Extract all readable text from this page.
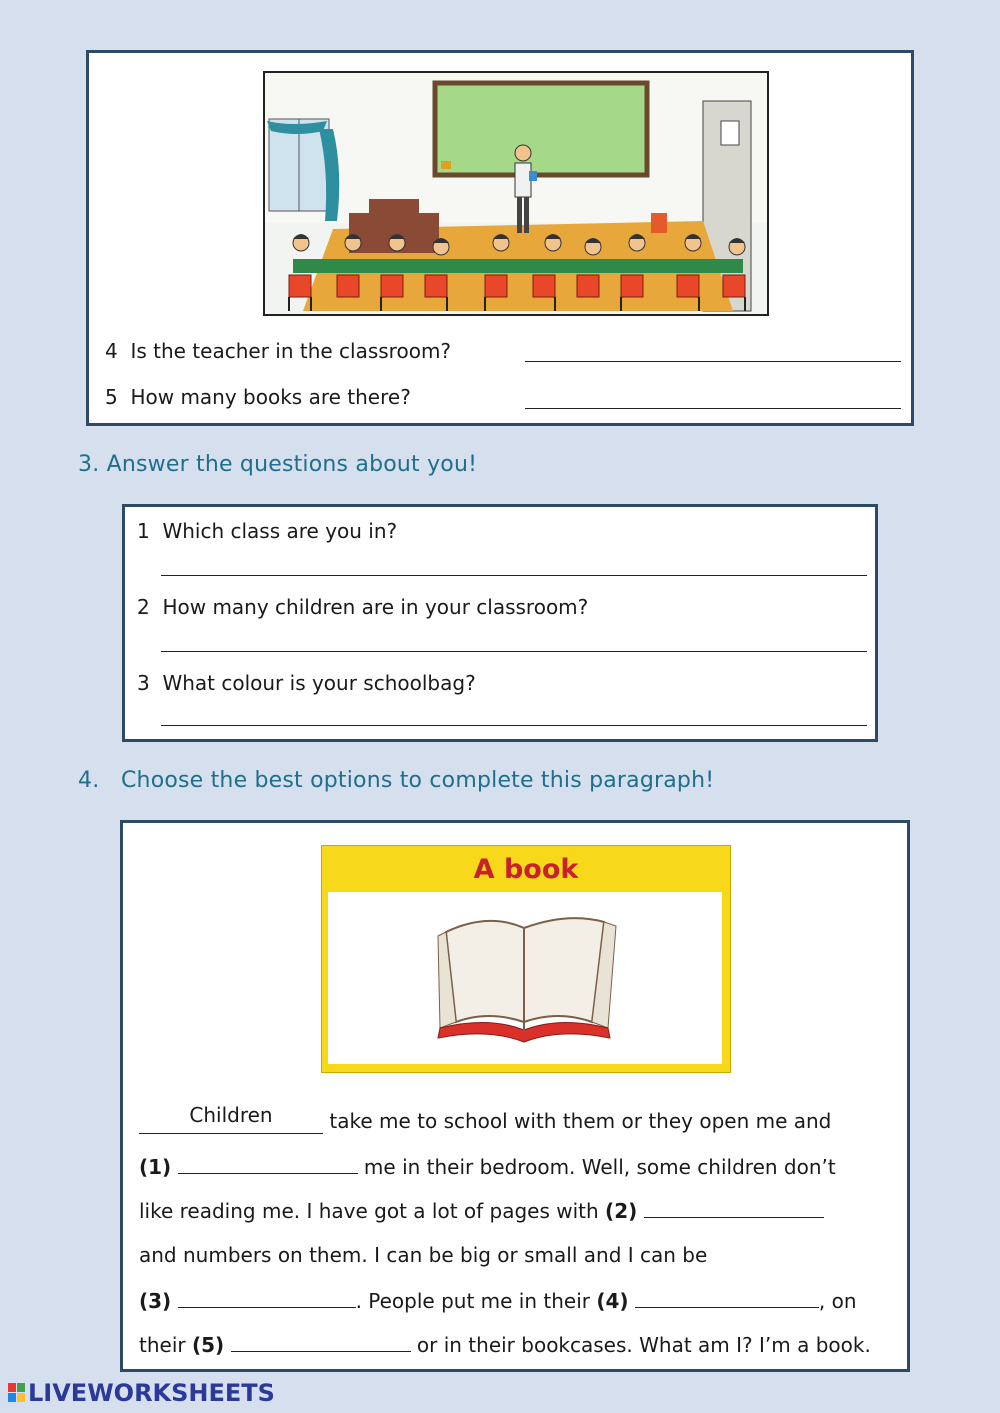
4 Is the teacher in the classroom?
5 How many books are there?
3. Answer the questions about you!
1 Which class are you in?
2 How many children are in your classroom?
3 What colour is your schoolbag?
4. Choose the best options to complete this paragraph!
A book
Children	take me to school with them or they open me and
(1)	me in their bedroom. Well, some children don’t
like reading me. I have got a lot of pages with (2)
and numbers on them. I can be big or small and I can be
(3)	. People put me in their (4)	, on
their (5)	or in their bookcases. What am I? I’m a book.
LIVEWORKSHEETS
